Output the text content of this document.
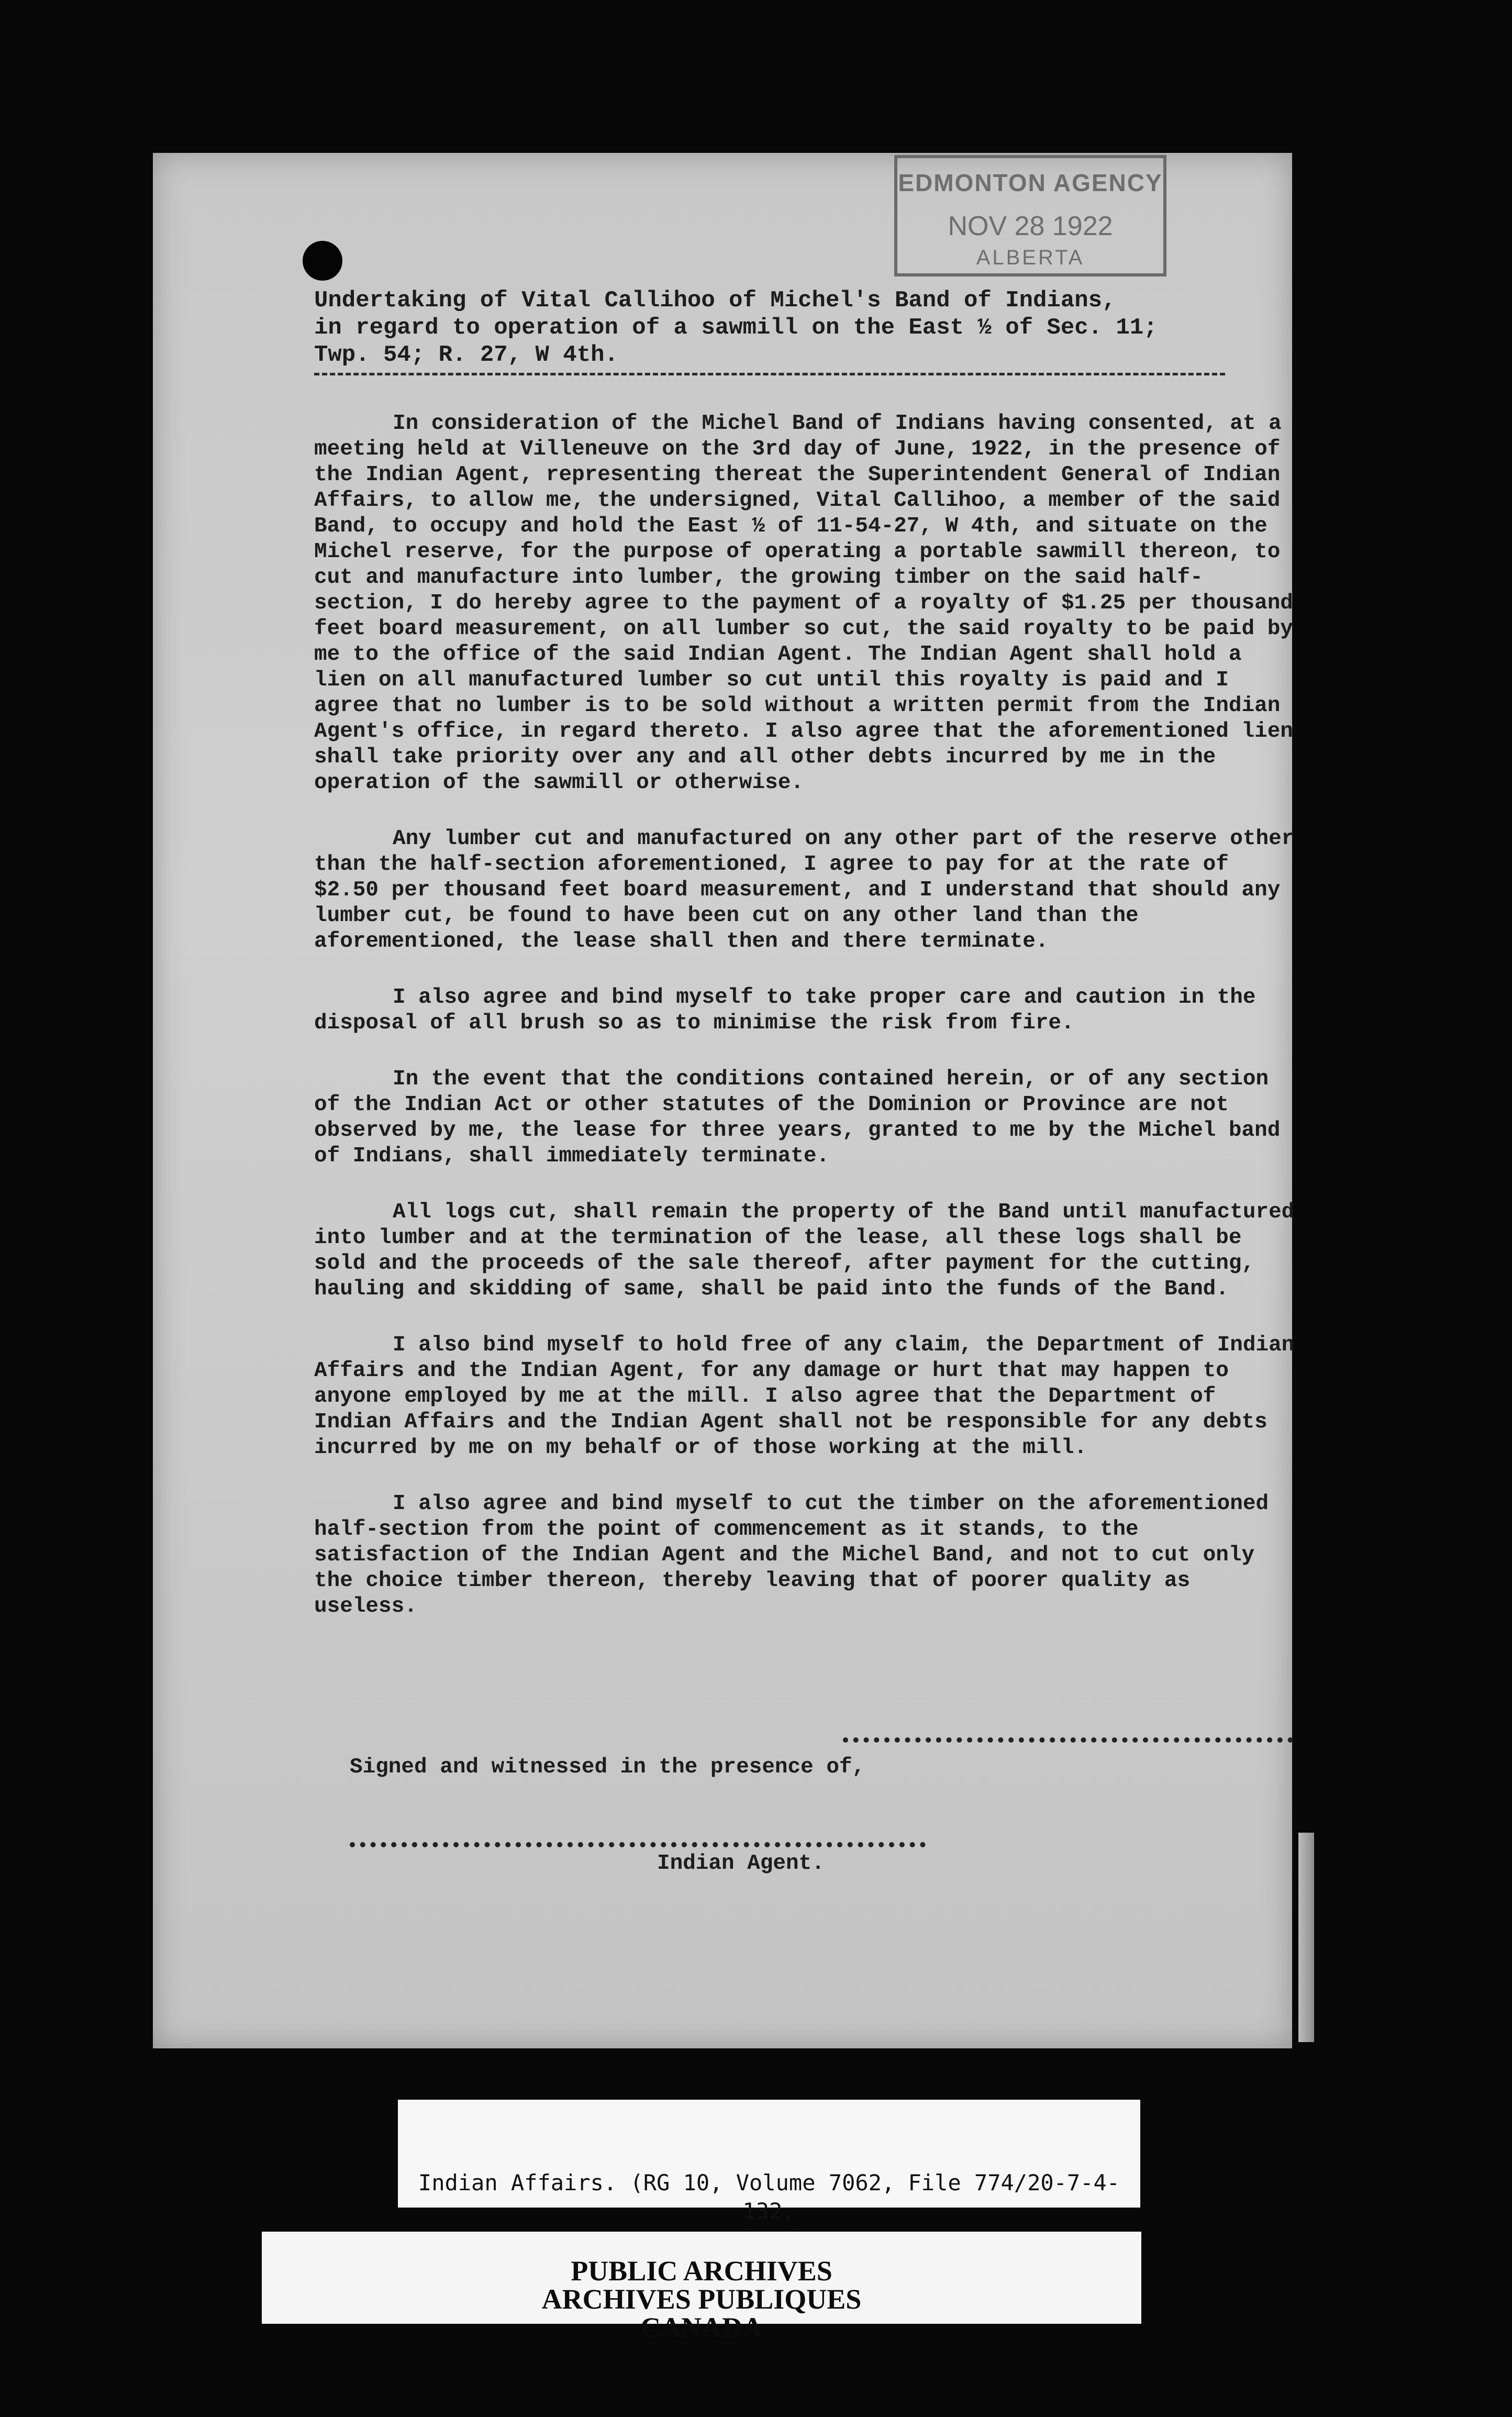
EDMONTON AGENCY
NOV 28 1922
ALBERTA

Undertaking of Vital Callihoo of Michel's Band of Indians,
in regard to operation of a sawmill on the East ½ of Sec. 11;
Twp. 54; R. 27, W 4th.

In consideration of the Michel Band of Indians having consented, at a meeting held at Villeneuve on the 3rd day of June, 1922, in the presence of the Indian Agent, representing thereat the Superintendent General of Indian Affairs, to allow me, the undersigned, Vital Callihoo, a member of the said Band, to occupy and hold the East ½ of 11-54-27, W 4th, and situate on the Michel reserve, for the purpose of operating a portable sawmill thereon, to cut and manufacture into lumber, the growing timber on the said half-section, I do hereby agree to the payment of a royalty of $1.25 per thousand feet board measurement, on all lumber so cut, the said royalty to be paid by me to the office of the said Indian Agent. The Indian Agent shall hold a lien on all manufactured lumber so cut until this royalty is paid and I agree that no lumber is to be sold without a written permit from the Indian Agent's office, in regard thereto. I also agree that the aforementioned lien shall take priority over any and all other debts incurred by me in the operation of the sawmill or otherwise.

Any lumber cut and manufactured on any other part of the reserve other than the half-section aforementioned, I agree to pay for at the rate of $2.50 per thousand feet board measurement, and I understand that should any lumber cut, be found to have been cut on any other land than the aforementioned, the lease shall then and there terminate.

I also agree and bind myself to take proper care and caution in the disposal of all brush so as to minimise the risk from fire.

In the event that the conditions contained herein, or of any section of the Indian Act or other statutes of the Dominion or Province are not observed by me, the lease for three years, granted to me by the Michel band of Indians, shall immediately terminate.

All logs cut, shall remain the property of the Band until manufactured into lumber and at the termination of the lease, all these logs shall be sold and the proceeds of the sale thereof, after payment for the cutting, hauling and skidding of same, shall be paid into the funds of the Band.

I also bind myself to hold free of any claim, the Department of Indian Affairs and the Indian Agent, for any damage or hurt that may happen to anyone employed by me at the mill. I also agree that the Department of Indian Affairs and the Indian Agent shall not be responsible for any debts incurred by me on my behalf or of those working at the mill.

I also agree and bind myself to cut the timber on the aforementioned half-section from the point of commencement as it stands, to the satisfaction of the Indian Agent and the Michel Band, and not to cut only the choice timber thereon, thereby leaving that of poorer quality as useless.

Signed and witnessed in the presence of,
Indian Agent.
Indian Affairs. (RG 10, Volume 7062, File 774/20-7-4-132,

PUBLIC ARCHIVES
ARCHIVES PUBLIQUES
CANADA
